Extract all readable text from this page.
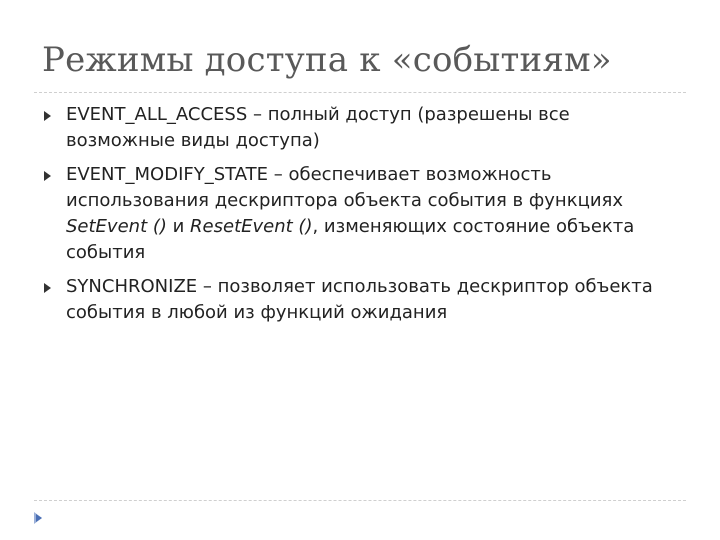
Режимы доступа к «событиям»
EVENT_ALL_ACCESS – полный доступ (разрешены все возможные виды доступа)
EVENT_MODIFY_STATE – обеспечивает возможность использования дескриптора объекта события в функциях SetEvent () и ResetEvent (), изменяющих состояние объекта события
SYNCHRONIZE – позволяет использовать дескриптор объекта события в любой из функций ожидания
